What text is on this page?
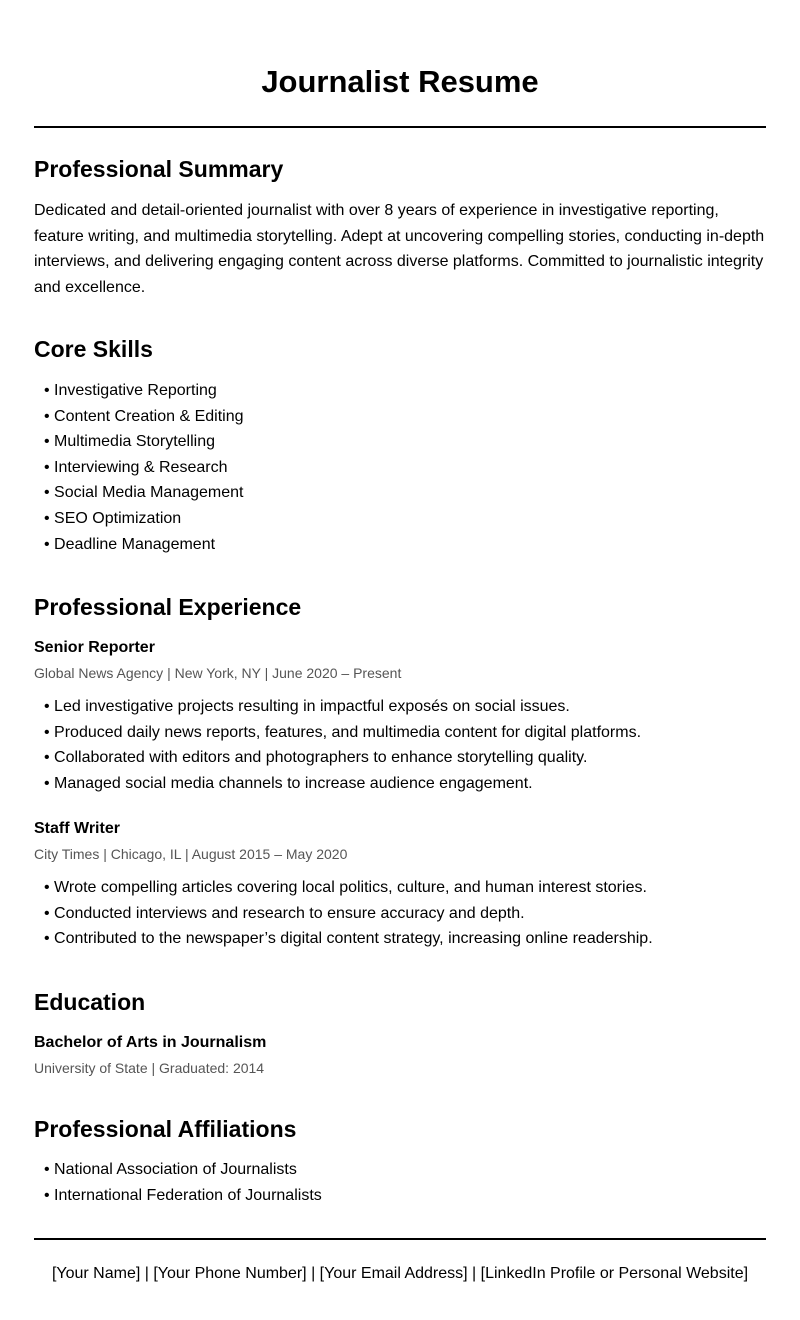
Journalist Resume
Professional Summary

Dedicated and detail-oriented journalist with over 8 years of experience in investigative reporting, feature writing, and multimedia storytelling. Adept at uncovering compelling stories, conducting in-depth interviews, and delivering engaging content across diverse platforms. Committed to journalistic integrity and excellence.

Core Skills
• Investigative Reporting
• Content Creation & Editing
• Multimedia Storytelling
• Interviewing & Research
• Social Media Management
• SEO Optimization
• Deadline Management
Professional Experience
Senior Reporter
Global News Agency | New York, NY | June 2020 – Present
• Led investigative projects resulting in impactful exposés on social issues.
• Produced daily news reports, features, and multimedia content for digital platforms.
• Collaborated with editors and photographers to enhance storytelling quality.
• Managed social media channels to increase audience engagement.
Staff Writer
City Times | Chicago, IL | August 2015 – May 2020
• Wrote compelling articles covering local politics, culture, and human interest stories.
• Conducted interviews and research to ensure accuracy and depth.
• Contributed to the newspaper’s digital content strategy, increasing online readership.
Education
Bachelor of Arts in Journalism
University of State | Graduated: 2014
Professional Affiliations
• National Association of Journalists
• International Federation of Journalists
[Your Name] | [Your Phone Number] | [Your Email Address] | [LinkedIn Profile or Personal Website]
